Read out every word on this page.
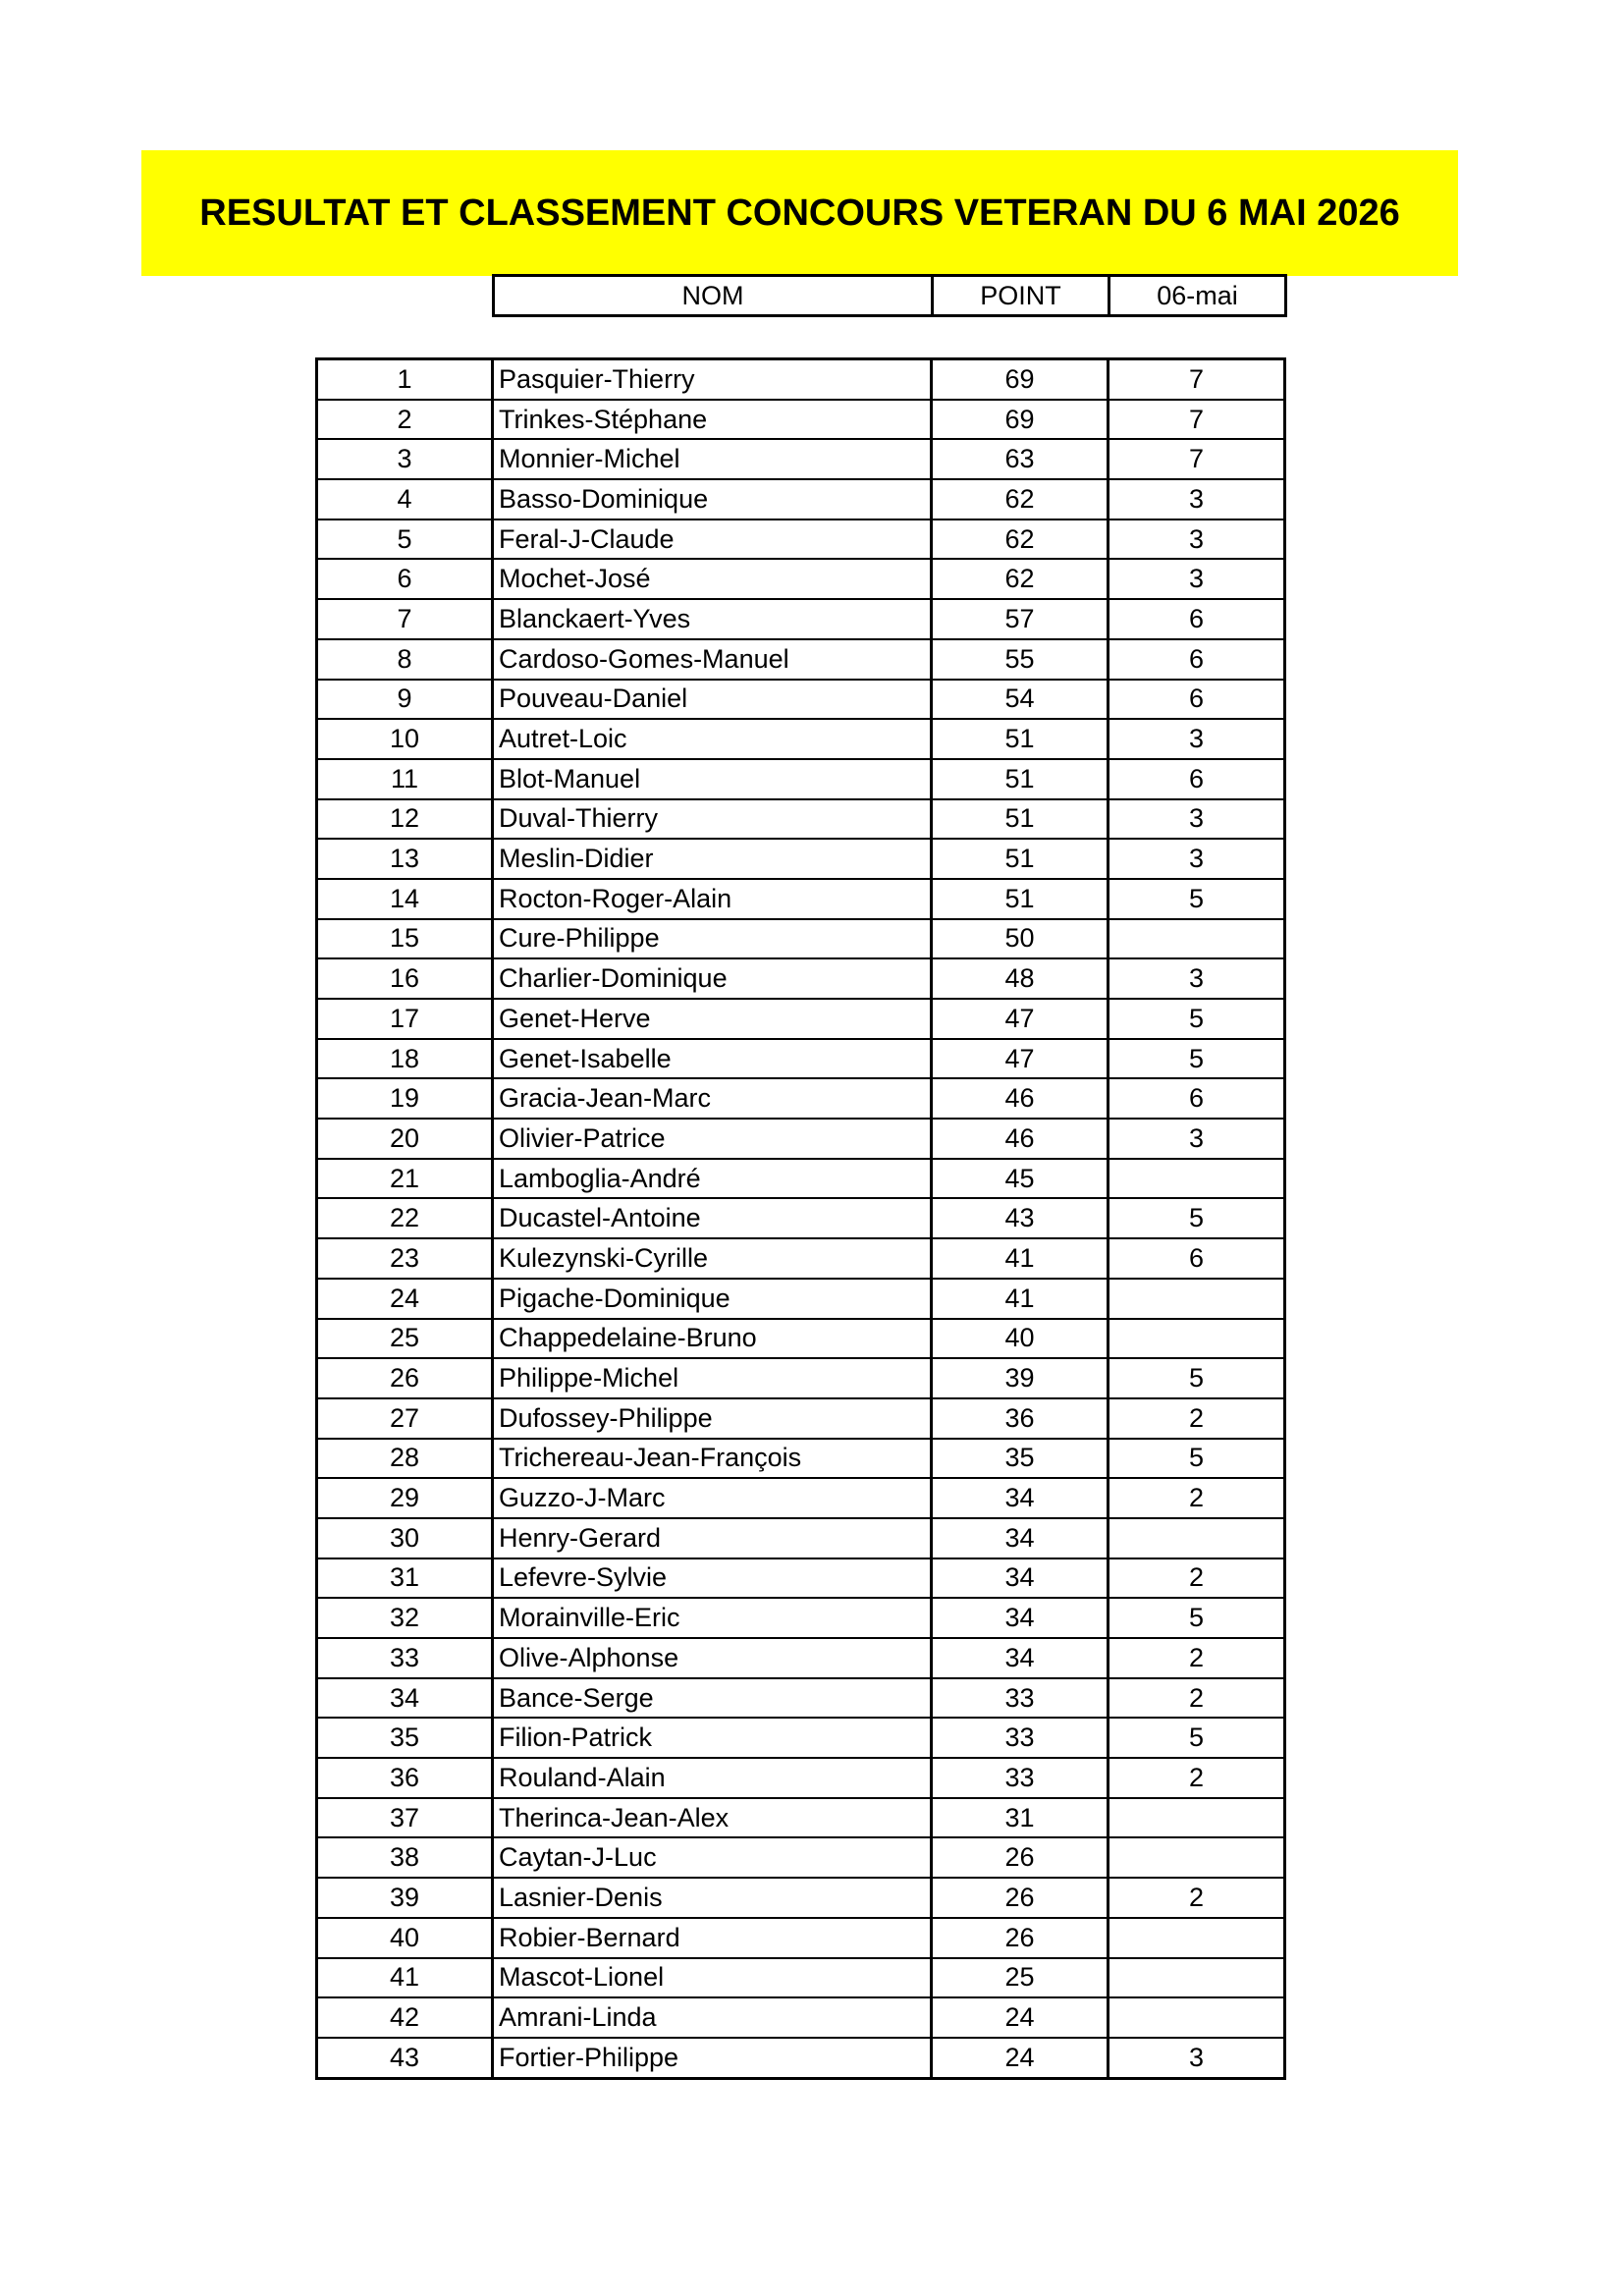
RESULTAT ET CLASSEMENT CONCOURS VETERAN DU 6 MAI 2026
NOM	POINT	06-mai
1	Pasquier-Thierry	69	7
2	Trinkes-Stéphane	69	7
3	Monnier-Michel	63	7
4	Basso-Dominique	62	3
5	Feral-J-Claude	62	3
6	Mochet-José	62	3
7	Blanckaert-Yves	57	6
8	Cardoso-Gomes-Manuel	55	6
9	Pouveau-Daniel	54	6
10	Autret-Loic	51	3
11	Blot-Manuel	51	6
12	Duval-Thierry	51	3
13	Meslin-Didier	51	3
14	Rocton-Roger-Alain	51	5
15	Cure-Philippe	50	
16	Charlier-Dominique	48	3
17	Genet-Herve	47	5
18	Genet-Isabelle	47	5
19	Gracia-Jean-Marc	46	6
20	Olivier-Patrice	46	3
21	Lamboglia-André	45	
22	Ducastel-Antoine	43	5
23	Kulezynski-Cyrille	41	6
24	Pigache-Dominique	41	
25	Chappedelaine-Bruno	40	
26	Philippe-Michel	39	5
27	Dufossey-Philippe	36	2
28	Trichereau-Jean-François	35	5
29	Guzzo-J-Marc	34	2
30	Henry-Gerard	34	
31	Lefevre-Sylvie	34	2
32	Morainville-Eric	34	5
33	Olive-Alphonse	34	2
34	Bance-Serge	33	2
35	Filion-Patrick	33	5
36	Rouland-Alain	33	2
37	Therinca-Jean-Alex	31	
38	Caytan-J-Luc	26	
39	Lasnier-Denis	26	2
40	Robier-Bernard	26	
41	Mascot-Lionel	25	
42	Amrani-Linda	24	
43	Fortier-Philippe	24	3
